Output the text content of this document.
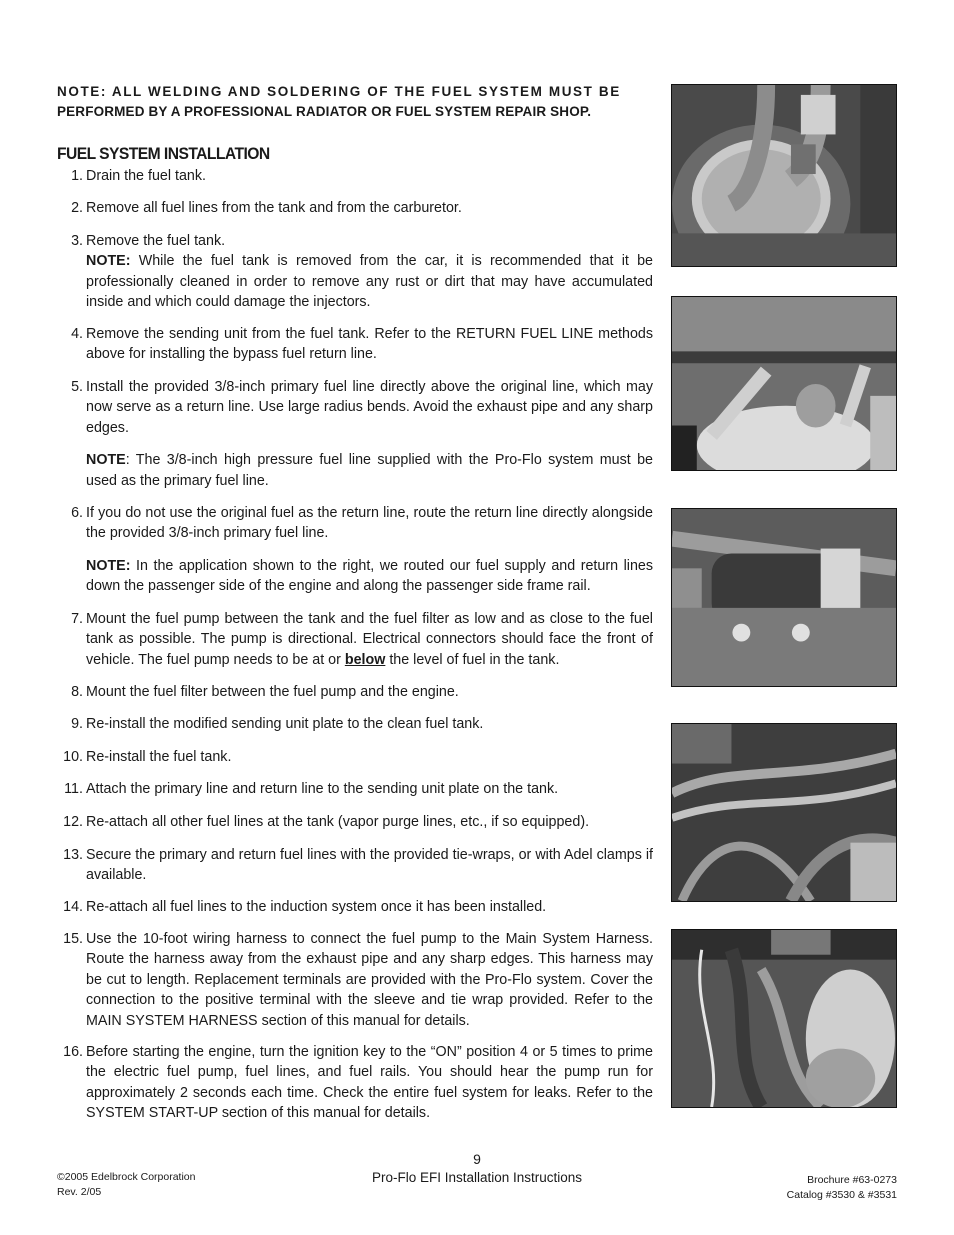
NOTE: ALL WELDING AND SOLDERING OF THE FUEL SYSTEM MUST BE
PERFORMED BY A PROFESSIONAL RADIATOR OR FUEL SYSTEM REPAIR SHOP.
FUEL SYSTEM INSTALLATION
1. Drain the fuel tank.

2. Remove all fuel lines from the tank and from the carburetor.

3. Remove the fuel tank.

NOTE: While the fuel tank is removed from the car, it is recommended that it be professionally cleaned in order to remove any rust or dirt that may have accumulated inside and which could damage the injectors.

4. Remove the sending unit from the fuel tank. Refer to the RETURN FUEL LINE methods above for installing the bypass fuel return line.

5. Install the provided 3/8-inch primary fuel line directly above the original line, which may now serve as a return line. Use large radius bends. Avoid the exhaust pipe and any sharp edges.

NOTE: The 3/8-inch high pressure fuel line supplied with the Pro-Flo system must be used as the primary fuel line.

6. If you do not use the original fuel as the return line, route the return line directly alongside the provided 3/8-inch primary fuel line.

NOTE: In the application shown to the right, we routed our fuel supply and return lines down the passenger side of the engine and along the passenger side frame rail.

7. Mount the fuel pump between the tank and the fuel filter as low and as close to the fuel tank as possible. The pump is directional. Electrical connectors should face the front of vehicle. The fuel pump needs to be at or below the level of fuel in the tank.

8. Mount the fuel filter between the fuel pump and the engine.

9. Re-install the modified sending unit plate to the clean fuel tank.

10. Re-install the fuel tank.

11. Attach the primary line and return line to the sending unit plate on the tank.

12. Re-attach all other fuel lines at the tank (vapor purge lines, etc., if so equipped).

13. Secure the primary and return fuel lines with the provided tie-wraps, or with Adel clamps if available.

14. Re-attach all fuel lines to the induction system once it has been installed.

15. Use the 10-foot wiring harness to connect the fuel pump to the Main System Harness. Route the harness away from the exhaust pipe and any sharp edges. This harness may be cut to length. Replacement terminals are provided with the Pro-Flo system. Cover the connection to the positive terminal with the sleeve and tie wrap provided. Refer to the MAIN SYSTEM HARNESS section of this manual for details.

16. Before starting the engine, turn the ignition key to the “ON” position 4 or 5 times to prime the electric fuel pump, fuel lines, and fuel rails. You should hear the pump run for approximately 2 seconds each time. Check the entire fuel system for leaks. Refer to the SYSTEM START-UP section of this manual for details.

9
Pro-Flo EFI Installation Instructions
©2005 Edelbrock Corporation
Rev. 2/05
Brochure #63-0273
Catalog #3530 & #3531
